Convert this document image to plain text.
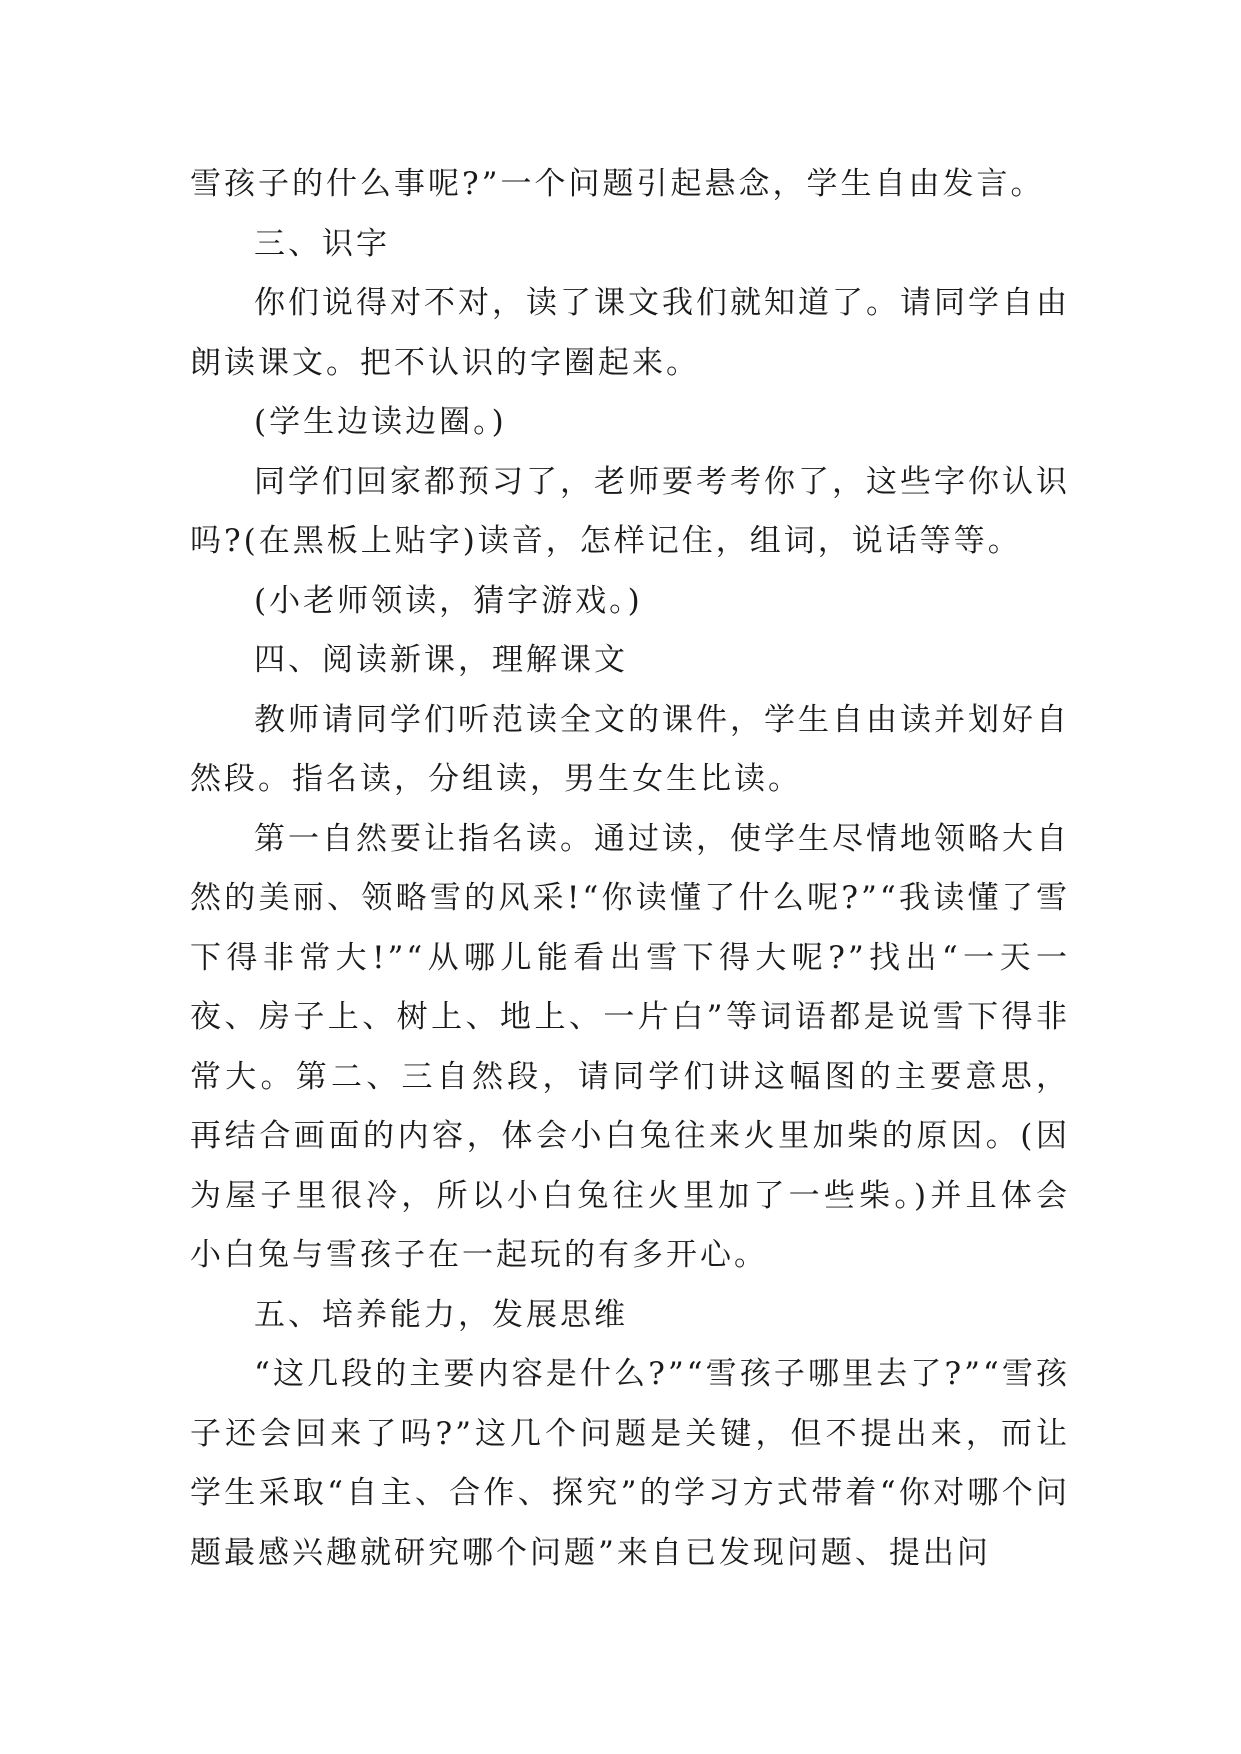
雪孩子的什么事呢?”一个问题引起悬念，学生自由发言。

三、识字

你们说得对不对，读了课文我们就知道了。请同学自由朗读课文。把不认识的字圈起来。

(学生边读边圈。)

同学们回家都预习了，老师要考考你了，这些字你认识吗?(在黑板上贴字)读音，怎样记住，组词，说话等等。

(小老师领读，猜字游戏。)

四、阅读新课，理解课文

教师请同学们听范读全文的课件，学生自由读并划好自然段。指名读，分组读，男生女生比读。

第一自然要让指名读。通过读，使学生尽情地领略大自然的美丽、领略雪的风采!“你读懂了什么呢?”“我读懂了雪下得非常大!”“从哪儿能看出雪下得大呢?”找出“一天一夜、房子上、树上、地上、一片白”等词语都是说雪下得非常大。第二、三自然段，请同学们讲这幅图的主要意思，再结合画面的内容，体会小白兔往来火里加柴的原因。(因为屋子里很冷，所以小白兔往火里加了一些柴。)并且体会小白兔与雪孩子在一起玩的有多开心。

五、培养能力，发展思维

“这几段的主要内容是什么?”“雪孩子哪里去了?”“雪孩子还会回来了吗?”这几个问题是关键，但不提出来，而让学生采取“自主、合作、探究”的学习方式带着“你对哪个问题最感兴趣就研究哪个问题”来自已发现问题、提出问
